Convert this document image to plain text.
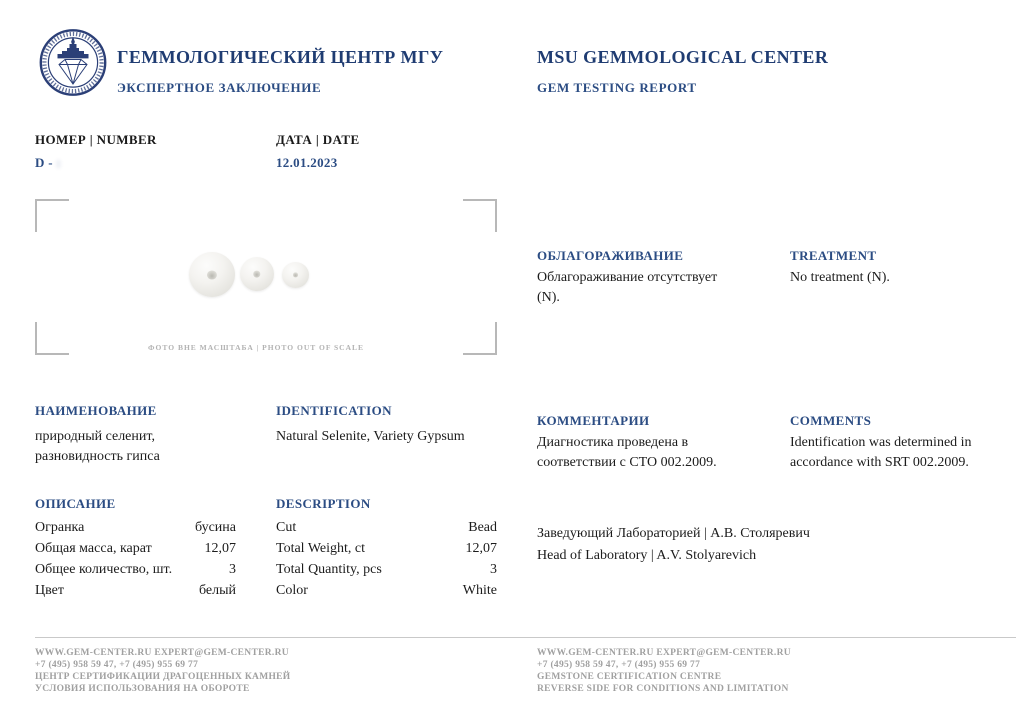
ГЕММОЛОГИЧЕСКИЙ ЦЕНТР МГУ
ЭКСПЕРТНОЕ ЗАКЛЮЧЕНИЕ
MSU GEMMOLOGICAL CENTER
GEM TESTING REPORT
НОМЕР | NUMBER	ДАТА | DATE
D - :	12.01.2023
ФОТО ВНЕ МАСШТАБА | PHOTO OUT OF SCALE
ОБЛАГОРАЖИВАНИЕ	TREATMENT
Облагораживание отсутствует (N).
No treatment (N).
НАИМЕНОВАНИЕ	IDENTIFICATION
природный селенит, разновидность гипса
Natural Selenite, Variety Gypsum
КОММЕНТАРИИ	COMMENTS
Диагностика проведена в соответствии с СТО 002.2009.
Identification was determined in accordance with SRT 002.2009.
ОПИСАНИЕ	DESCRIPTION
Огранка	бусина	Cut	Bead
Общая масса, карат	12,07	Total Weight, ct	12,07
Общее количество, шт.	3	Total Quantity, pcs	3
Цвет	белый	Color	White
Заведующий Лабораторией | А.В. Столяревич
Head of Laboratory | A.V. Stolyarevich
WWW.GEM-CENTER.RU EXPERT@GEM-CENTER.RU
+7 (495) 958 59 47, +7 (495) 955 69 77
ЦЕНТР СЕРТИФИКАЦИИ ДРАГОЦЕННЫХ КАМНЕЙ
УСЛОВИЯ ИСПОЛЬЗОВАНИЯ НА ОБОРОТЕ
WWW.GEM-CENTER.RU EXPERT@GEM-CENTER.RU
+7 (495) 958 59 47, +7 (495) 955 69 77
GEMSTONE CERTIFICATION CENTRE
REVERSE SIDE FOR CONDITIONS AND LIMITATION
